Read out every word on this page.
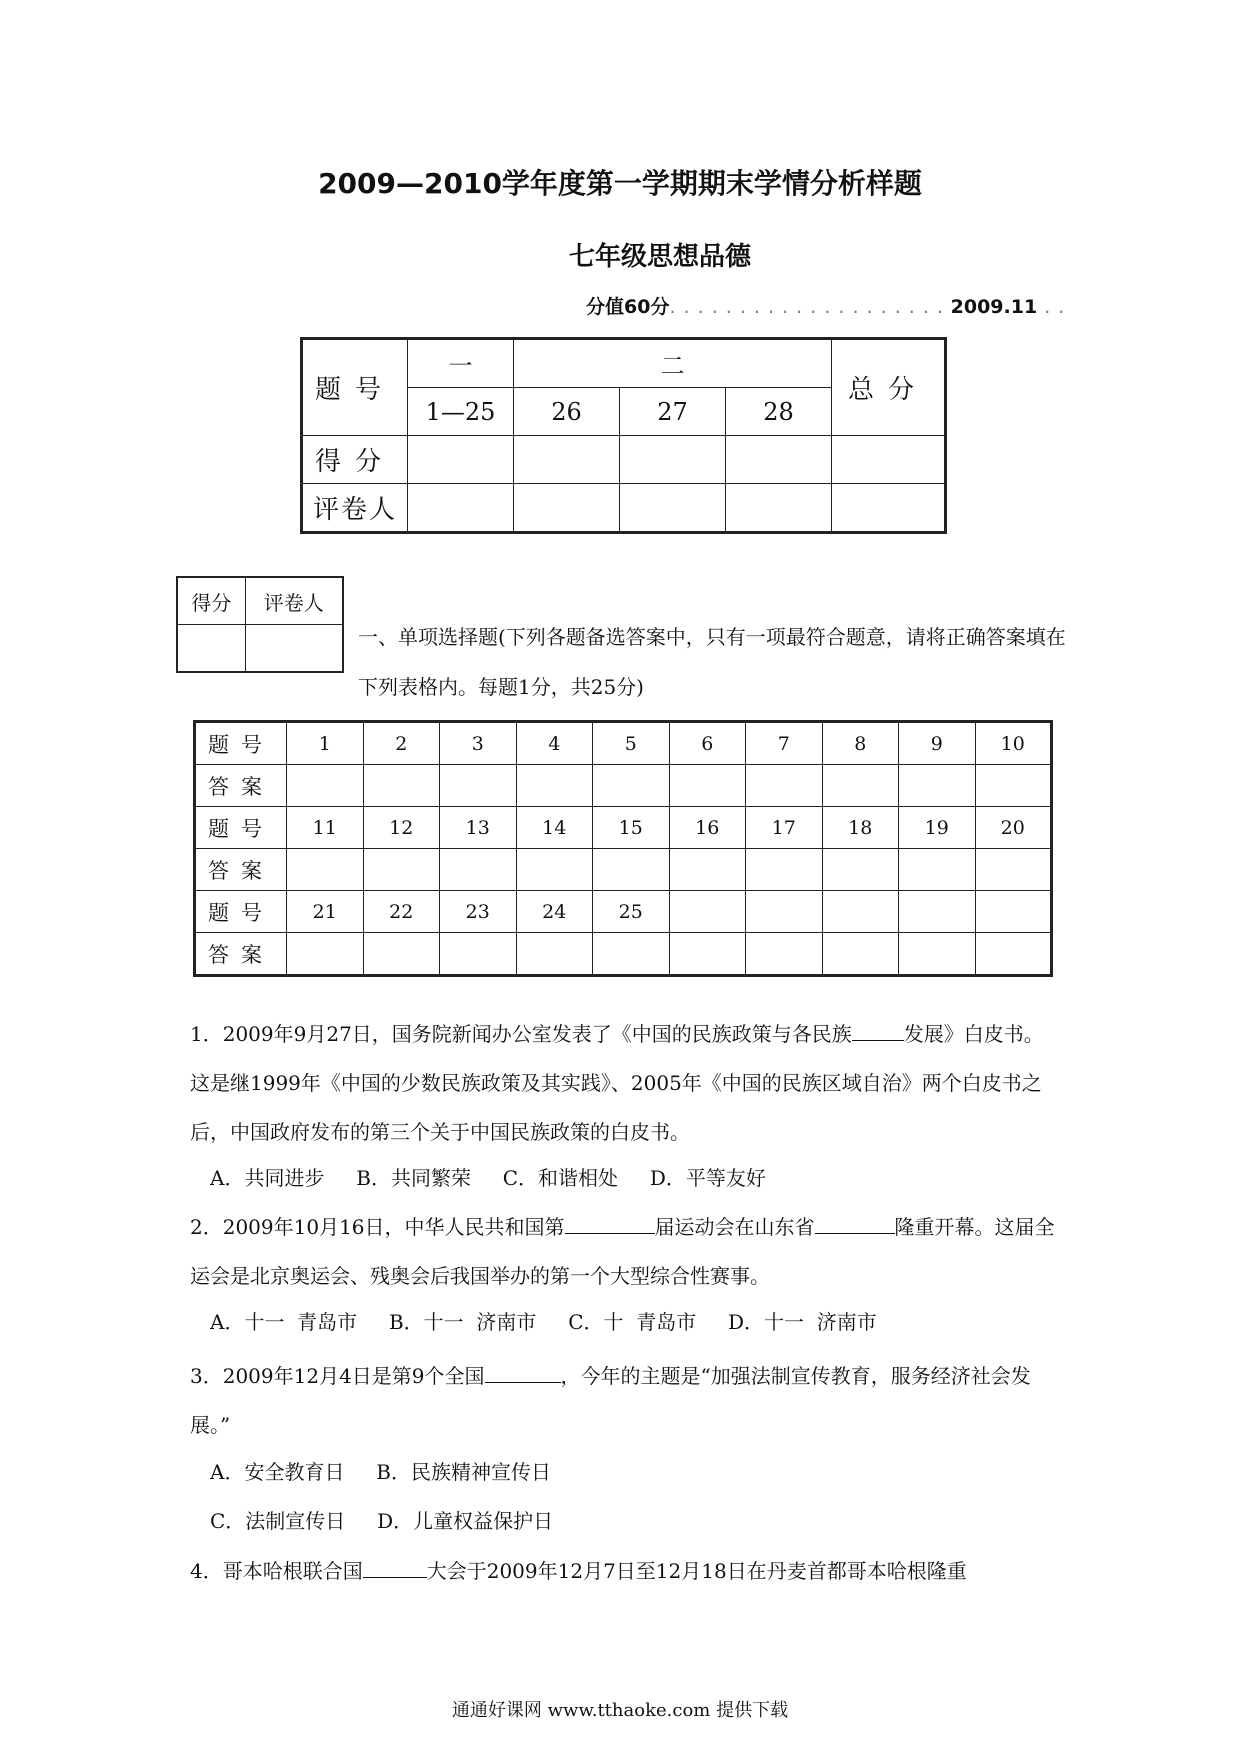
2009—2010学年度第一学期期末学情分析样题
七年级思想品德
分值60分. . . . . . . . . . . . . . . . . . . . 2009.11 . .
题号	一	二			总分
	1—25	26	27	28	
得分					
评卷人					
得分	评卷人

一、单项选择题(下列各题备选答案中，只有一项最符合题意，请将正确答案填在下列表格内。每题1分，共25分)
题号	1	2	3	4	5	6	7	8	9	10
答案										
题号	11	12	13	14	15	16	17	18	19	20
答案										
题号	21	22	23	24	25					
答案										
1．2009年9月27日，国务院新闻办公室发表了《中国的民族政策与各民族	发展》白皮书。这是继1999年《中国的少数民族政策及其实践》、2005年《中国的民族区域自治》两个白皮书之后，中国政府发布的第三个关于中国民族政策的白皮书。
A．共同进步 B．共同繁荣 C．和谐相处 D．平等友好
2．2009年10月16日，中华人民共和国第	届运动会在山东省	隆重开幕。这届全运会是北京奥运会、残奥会后我国举办的第一个大型综合性赛事。
A．十一  青岛市 B．十一  济南市 C．十  青岛市 D．十一  济南市
3．2009年12月4日是第9个全国	，今年的主题是“加强法制宣传教育，服务经济社会发展。”
A．安全教育日 B．民族精神宣传日
C．法制宣传日 D．儿童权益保护日
4．哥本哈根联合国	大会于2009年12月7日至12月18日在丹麦首都哥本哈根隆重
通通好课网 www.tthaoke.com 提供下载
